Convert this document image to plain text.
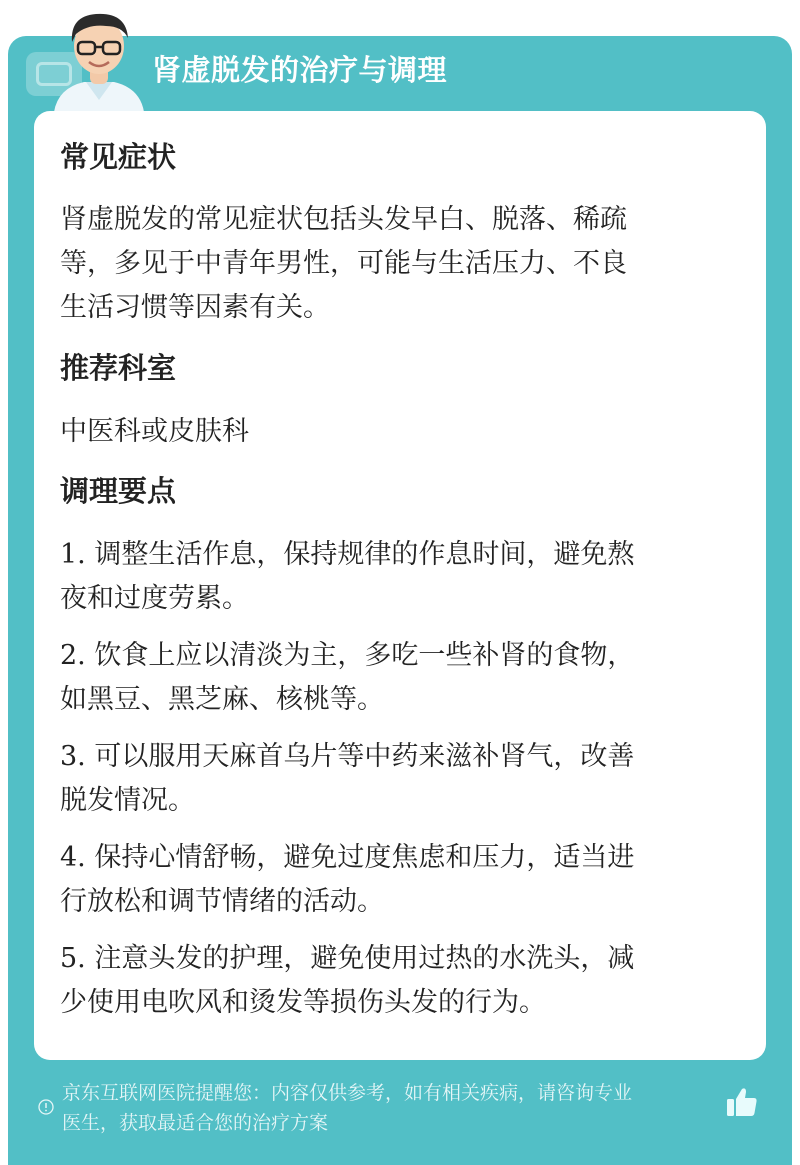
肾虚脱发的治疗与调理
常见症状
肾虚脱发的常见症状包括头发早白、脱落、稀疏
等，多见于中青年男性，可能与生活压力、不良
生活习惯等因素有关。
推荐科室
中医科或皮肤科
调理要点
1. 调整生活作息，保持规律的作息时间，避免熬
夜和过度劳累。
2. 饮食上应以清淡为主，多吃一些补肾的食物，
如黑豆、黑芝麻、核桃等。
3. 可以服用天麻首乌片等中药来滋补肾气，改善
脱发情况。
4. 保持心情舒畅，避免过度焦虑和压力，适当进
行放松和调节情绪的活动。
5. 注意头发的护理，避免使用过热的水洗头，减
少使用电吹风和烫发等损伤头发的行为。
京东互联网医院提醒您：内容仅供参考，如有相关疾病，请咨询专业
医生，获取最适合您的治疗方案
